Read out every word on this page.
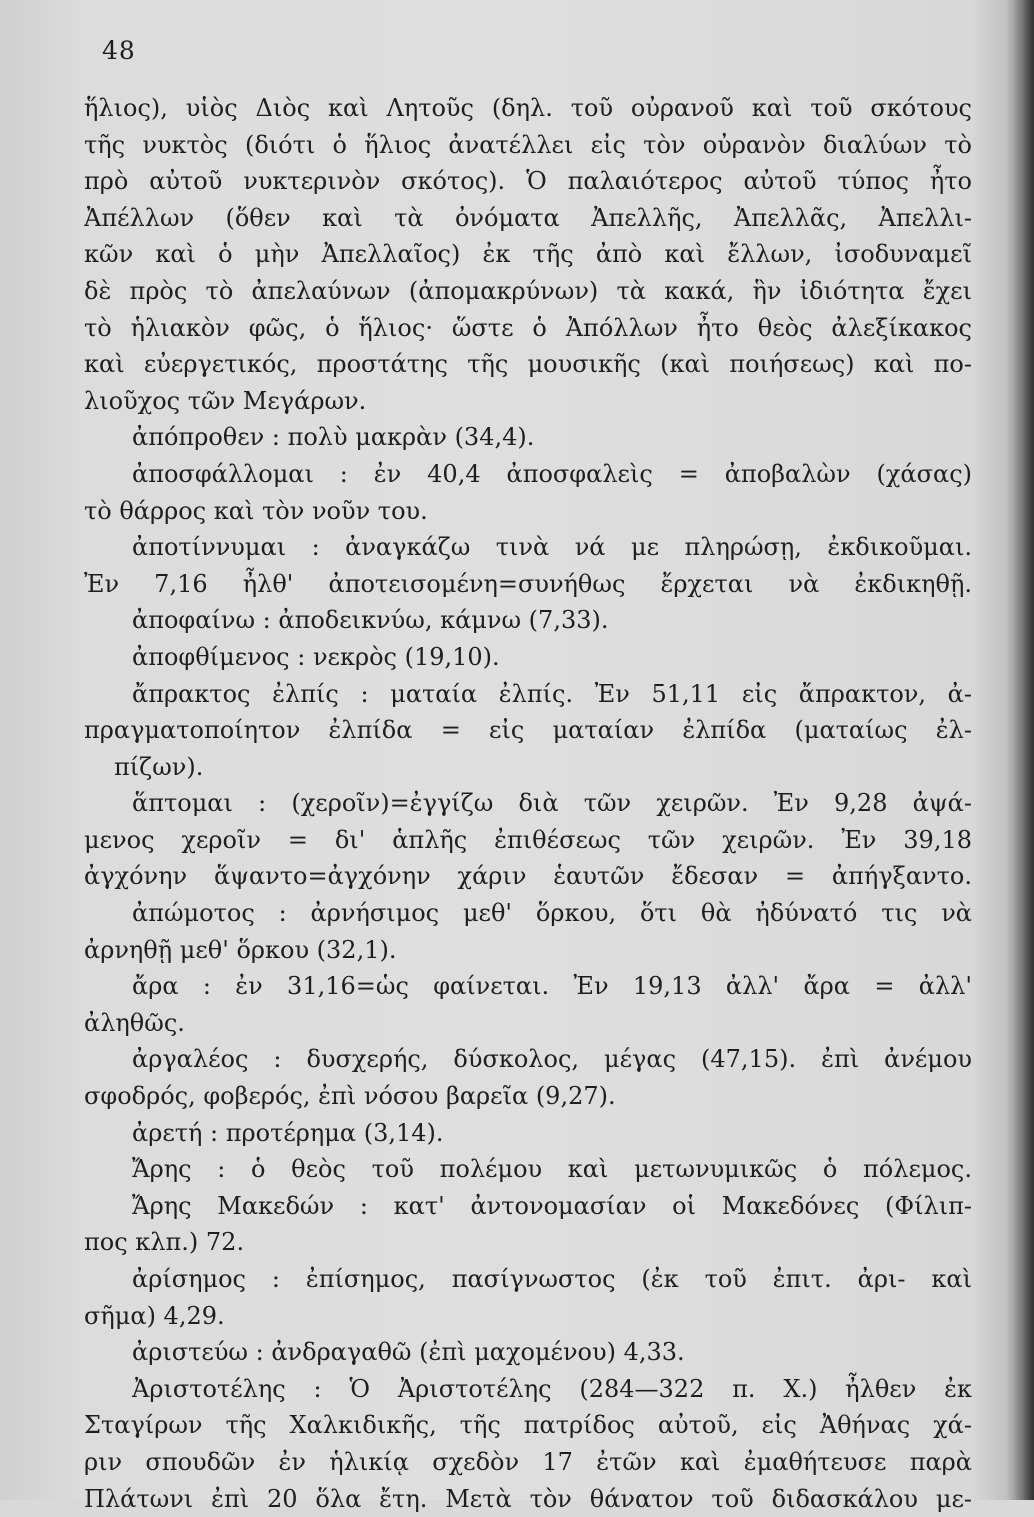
48
ἥλιος), υἱὸς Διὸς καὶ Λητοῦς (δηλ. τοῦ οὐρανοῦ καὶ τοῦ σκότους
τῆς νυκτὸς (διότι ὁ ἥλιος ἀνατέλλει εἰς τὸν οὐρανὸν διαλύων τὸ
πρὸ αὐτοῦ νυκτερινὸν σκότος). Ὁ παλαιότερος αὐτοῦ τύπος ἦτο
Ἀπέλλων (ὅθεν καὶ τὰ ὀνόματα Ἀπελλῆς, Ἀπελλᾶς, Ἀπελλι-
κῶν καὶ ὁ μὴν Ἀπελλαῖος) ἐκ τῆς ἀπὸ καὶ ἔλλων, ἰσοδυναμεῖ
δὲ πρὸς τὸ ἀπελαύνων (ἀπομακρύνων) τὰ κακά, ἣν ἰδιότητα ἔχει
τὸ ἡλιακὸν φῶς, ὁ ἥλιος· ὥστε ὁ Ἀπόλλων ἦτο θεὸς ἀλεξίκακος
καὶ εὐεργετικός, προστάτης τῆς μουσικῆς (καὶ ποιήσεως) καὶ πο-
λιοῦχος τῶν Μεγάρων.
ἀπόπροθεν : πολὺ μακρὰν (34,4).
ἀποσφάλλομαι : ἐν 40,4 ἀποσφαλεὶς = ἀποβαλὼν (χάσας)
τὸ θάρρος καὶ τὸν νοῦν του.
ἀποτίννυμαι : ἀναγκάζω τινὰ νά με πληρώσῃ, ἐκδικοῦμαι.
Ἐν 7,16 ἦλθ' ἀποτεισομένη=συνήθως ἔρχεται νὰ ἐκδικηθῇ.
ἀποφαίνω : ἀποδεικνύω, κάμνω (7,33).
ἀποφθίμενος : νεκρὸς (19,10).
ἄπρακτος ἐλπίς : ματαία ἐλπίς. Ἐν 51,11 εἰς ἄπρακτον, ἀ-
πραγματοποίητον ἐλπίδα = εἰς ματαίαν ἐλπίδα (ματαίως ἐλ-
πίζων).
ἅπτομαι : (χεροῖν)=ἐγγίζω διὰ τῶν χειρῶν. Ἐν 9,28 ἀψά-
μενος χεροῖν = δι' ἁπλῆς ἐπιθέσεως τῶν χειρῶν. Ἐν 39,18
ἀγχόνην ἅψαντο=ἀγχόνην χάριν ἑαυτῶν ἔδεσαν = ἀπήγξαντο.
ἀπώμοτος : ἀρνήσιμος μεθ' ὅρκου, ὅτι θὰ ἠδύνατό τις νὰ
ἀρνηθῇ μεθ' ὅρκου (32,1).
ἄρα : ἐν 31,16=ὡς φαίνεται. Ἐν 19,13 ἀλλ' ἄρα = ἀλλ'
ἀληθῶς.
ἀργαλέος : δυσχερής, δύσκολος, μέγας (47,15). ἐπὶ ἀνέμου
σφοδρός, φοβερός, ἐπὶ νόσου βαρεῖα (9,27).
ἀρετή : προτέρημα (3,14).
Ἄρης : ὁ θεὸς τοῦ πολέμου καὶ μετωνυμικῶς ὁ πόλεμος.
Ἄρης Μακεδών : κατ' ἀντονομασίαν οἱ Μακεδόνες (Φίλιπ-
πος κλπ.) 72.
ἀρίσημος : ἐπίσημος, πασίγνωστος (ἐκ τοῦ ἐπιτ. ἀρι- καὶ
σῆμα) 4,29.
ἀριστεύω : ἀνδραγαθῶ (ἐπὶ μαχομένου) 4,33.
Ἀριστοτέλης : Ὁ Ἀριστοτέλης (284—322 π. Χ.) ἦλθεν ἐκ
Σταγίρων τῆς Χαλκιδικῆς, τῆς πατρίδος αὐτοῦ, εἰς Ἀθήνας χά-
ριν σπουδῶν ἐν ἡλικίᾳ σχεδὸν 17 ἐτῶν καὶ ἐμαθήτευσε παρὰ
Πλάτωνι ἐπὶ 20 ὅλα ἔτη. Μετὰ τὸν θάνατον τοῦ διδασκάλου με-
